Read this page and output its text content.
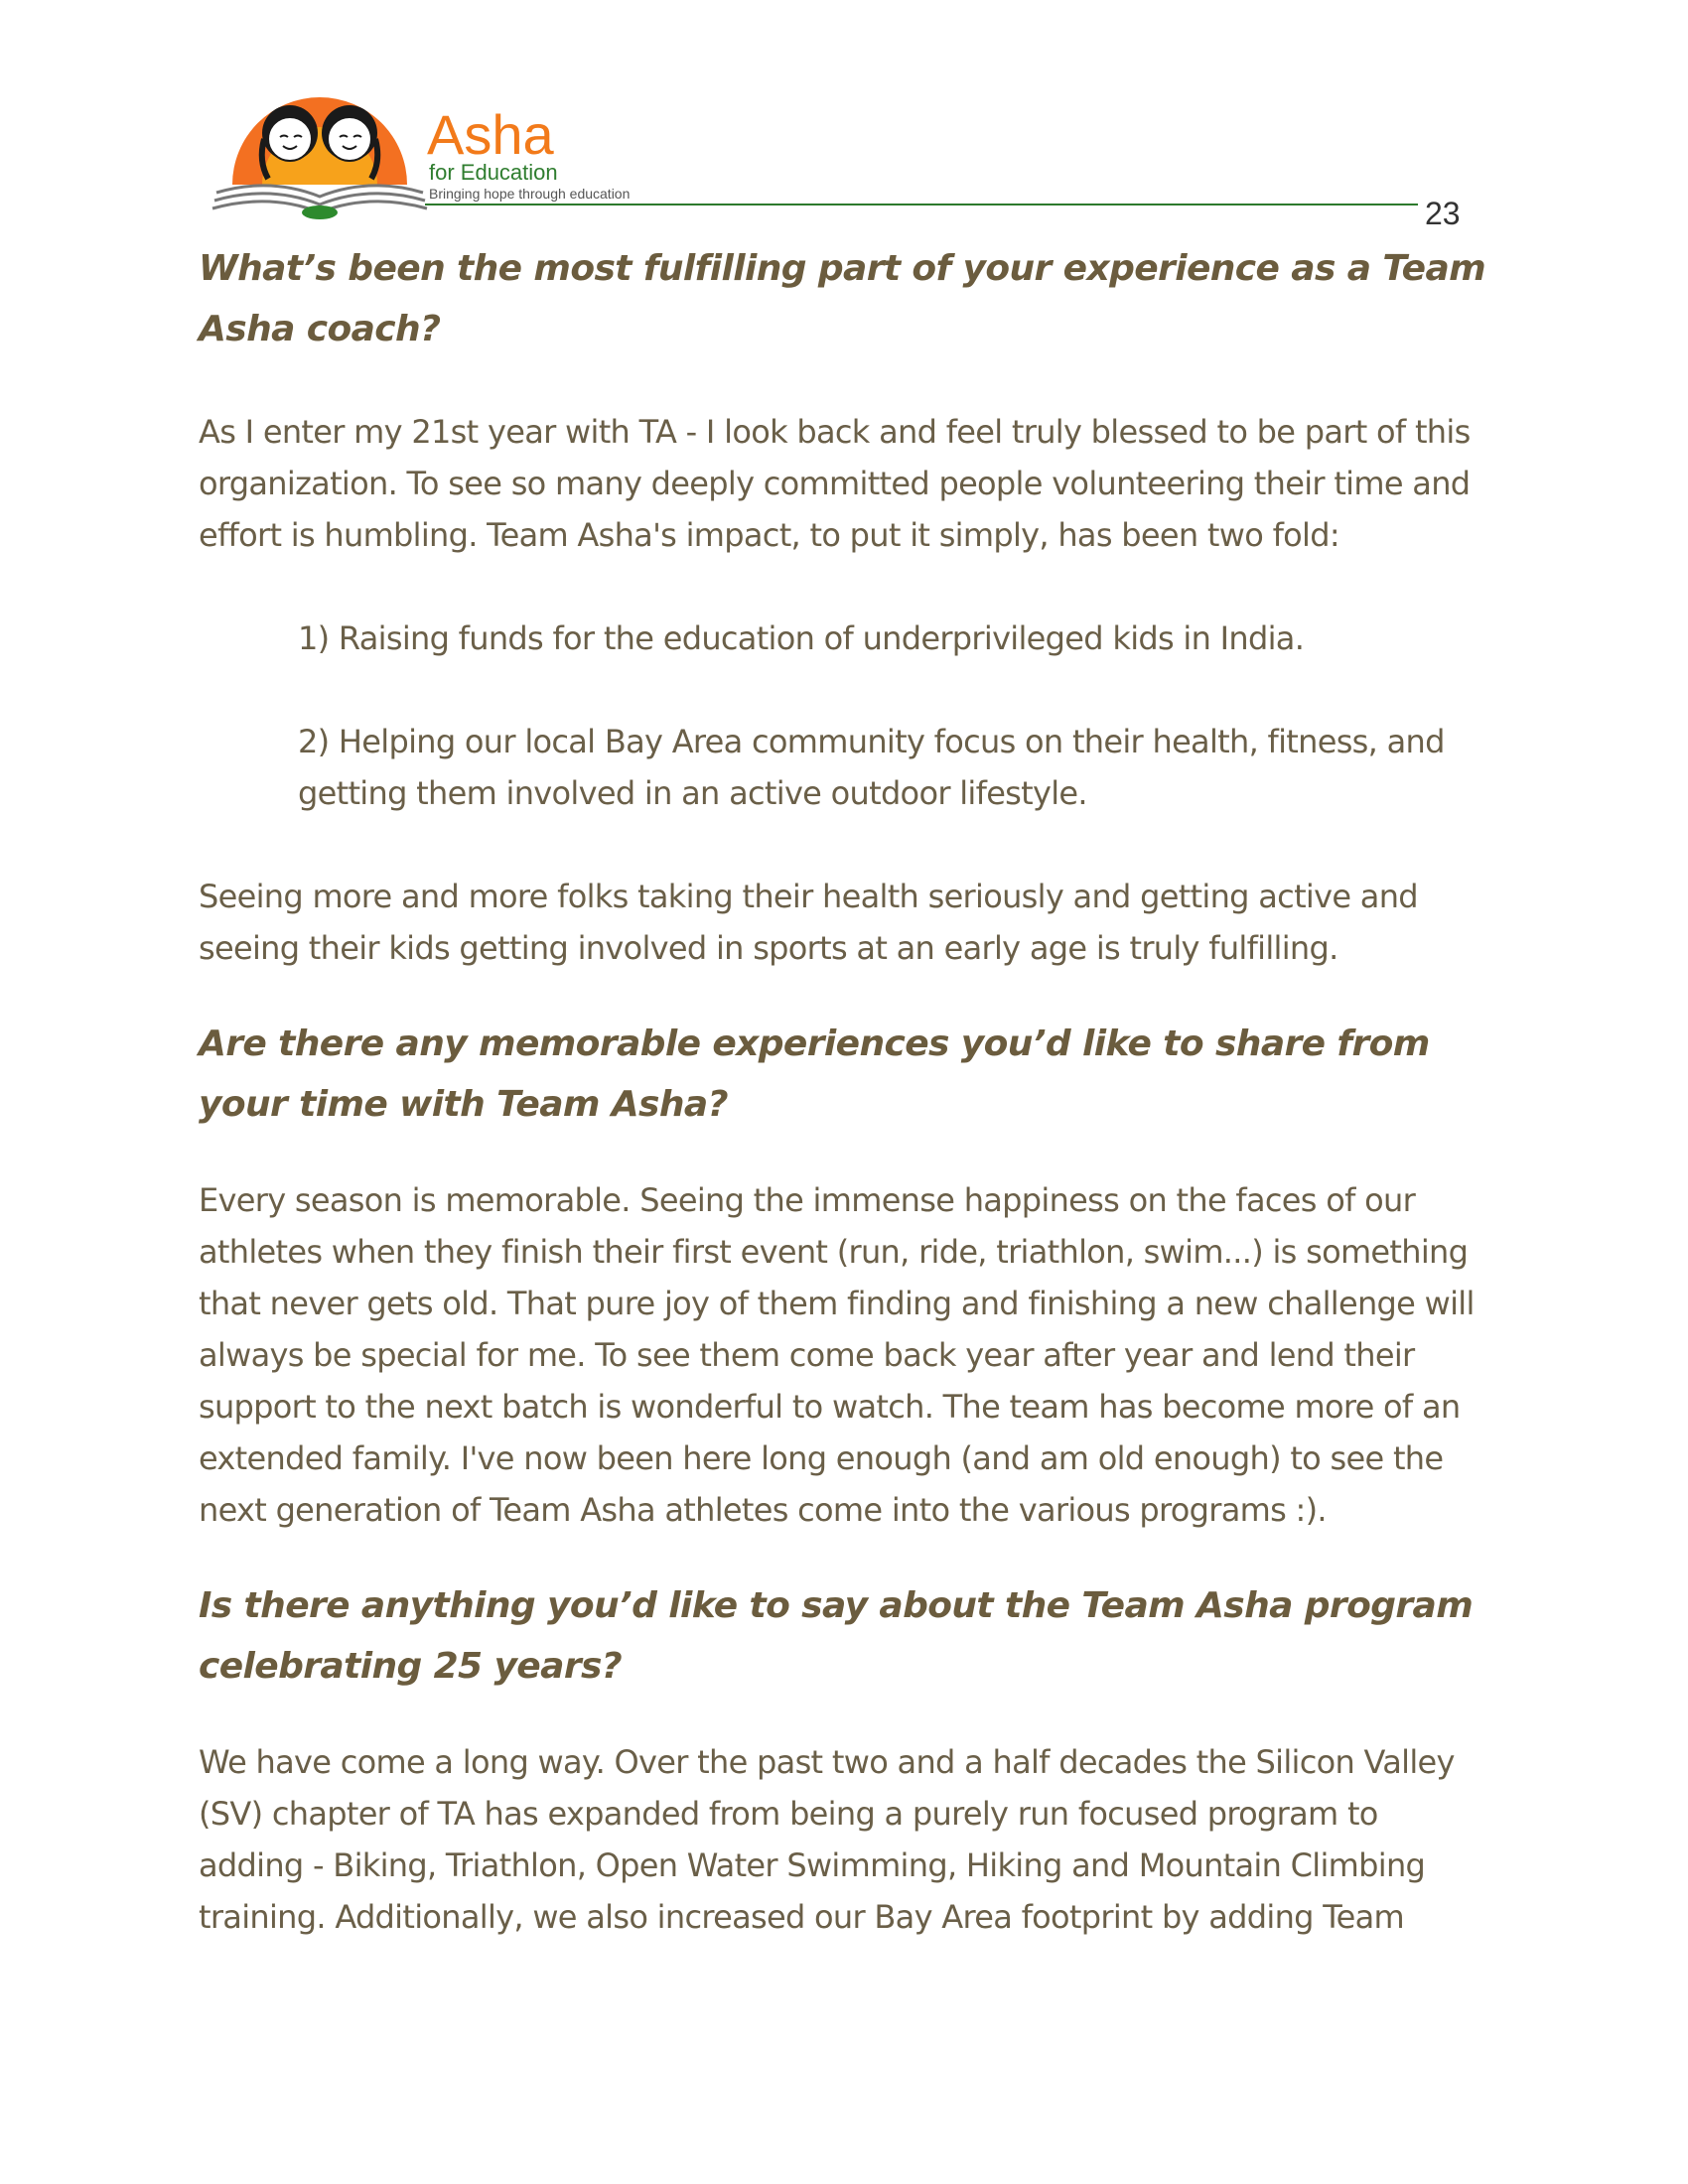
Asha
for Education
Bringing hope through education
23
What’s been the most fulfilling part of your experience as a Team Asha coach?

As I enter my 21st year with TA - I look back and feel truly blessed to be part of this organization. To see so many deeply committed people volunteering their time and effort is humbling. Team Asha's impact, to put it simply, has been two fold:

1) Raising funds for the education of underprivileged kids in India.

2) Helping our local Bay Area community focus on their health, fitness, and getting them involved in an active outdoor lifestyle.

Seeing more and more folks taking their health seriously and getting active and seeing their kids getting involved in sports at an early age is truly fulfilling.

Are there any memorable experiences you’d like to share from your time with Team Asha?

Every season is memorable. Seeing the immense happiness on the faces of our athletes when they finish their first event (run, ride, triathlon, swim...) is something that never gets old. That pure joy of them finding and finishing a new challenge will always be special for me. To see them come back year after year and lend their support to the next batch is wonderful to watch. The team has become more of an extended family. I've now been here long enough (and am old enough) to see the next generation of Team Asha athletes come into the various programs :).

Is there anything you’d like to say about the Team Asha program celebrating 25 years?

We have come a long way. Over the past two and a half decades the Silicon Valley (SV) chapter of TA has expanded from being a purely run focused program to adding - Biking, Triathlon, Open Water Swimming, Hiking and Mountain Climbing training. Additionally, we also increased our Bay Area footprint by adding Team
